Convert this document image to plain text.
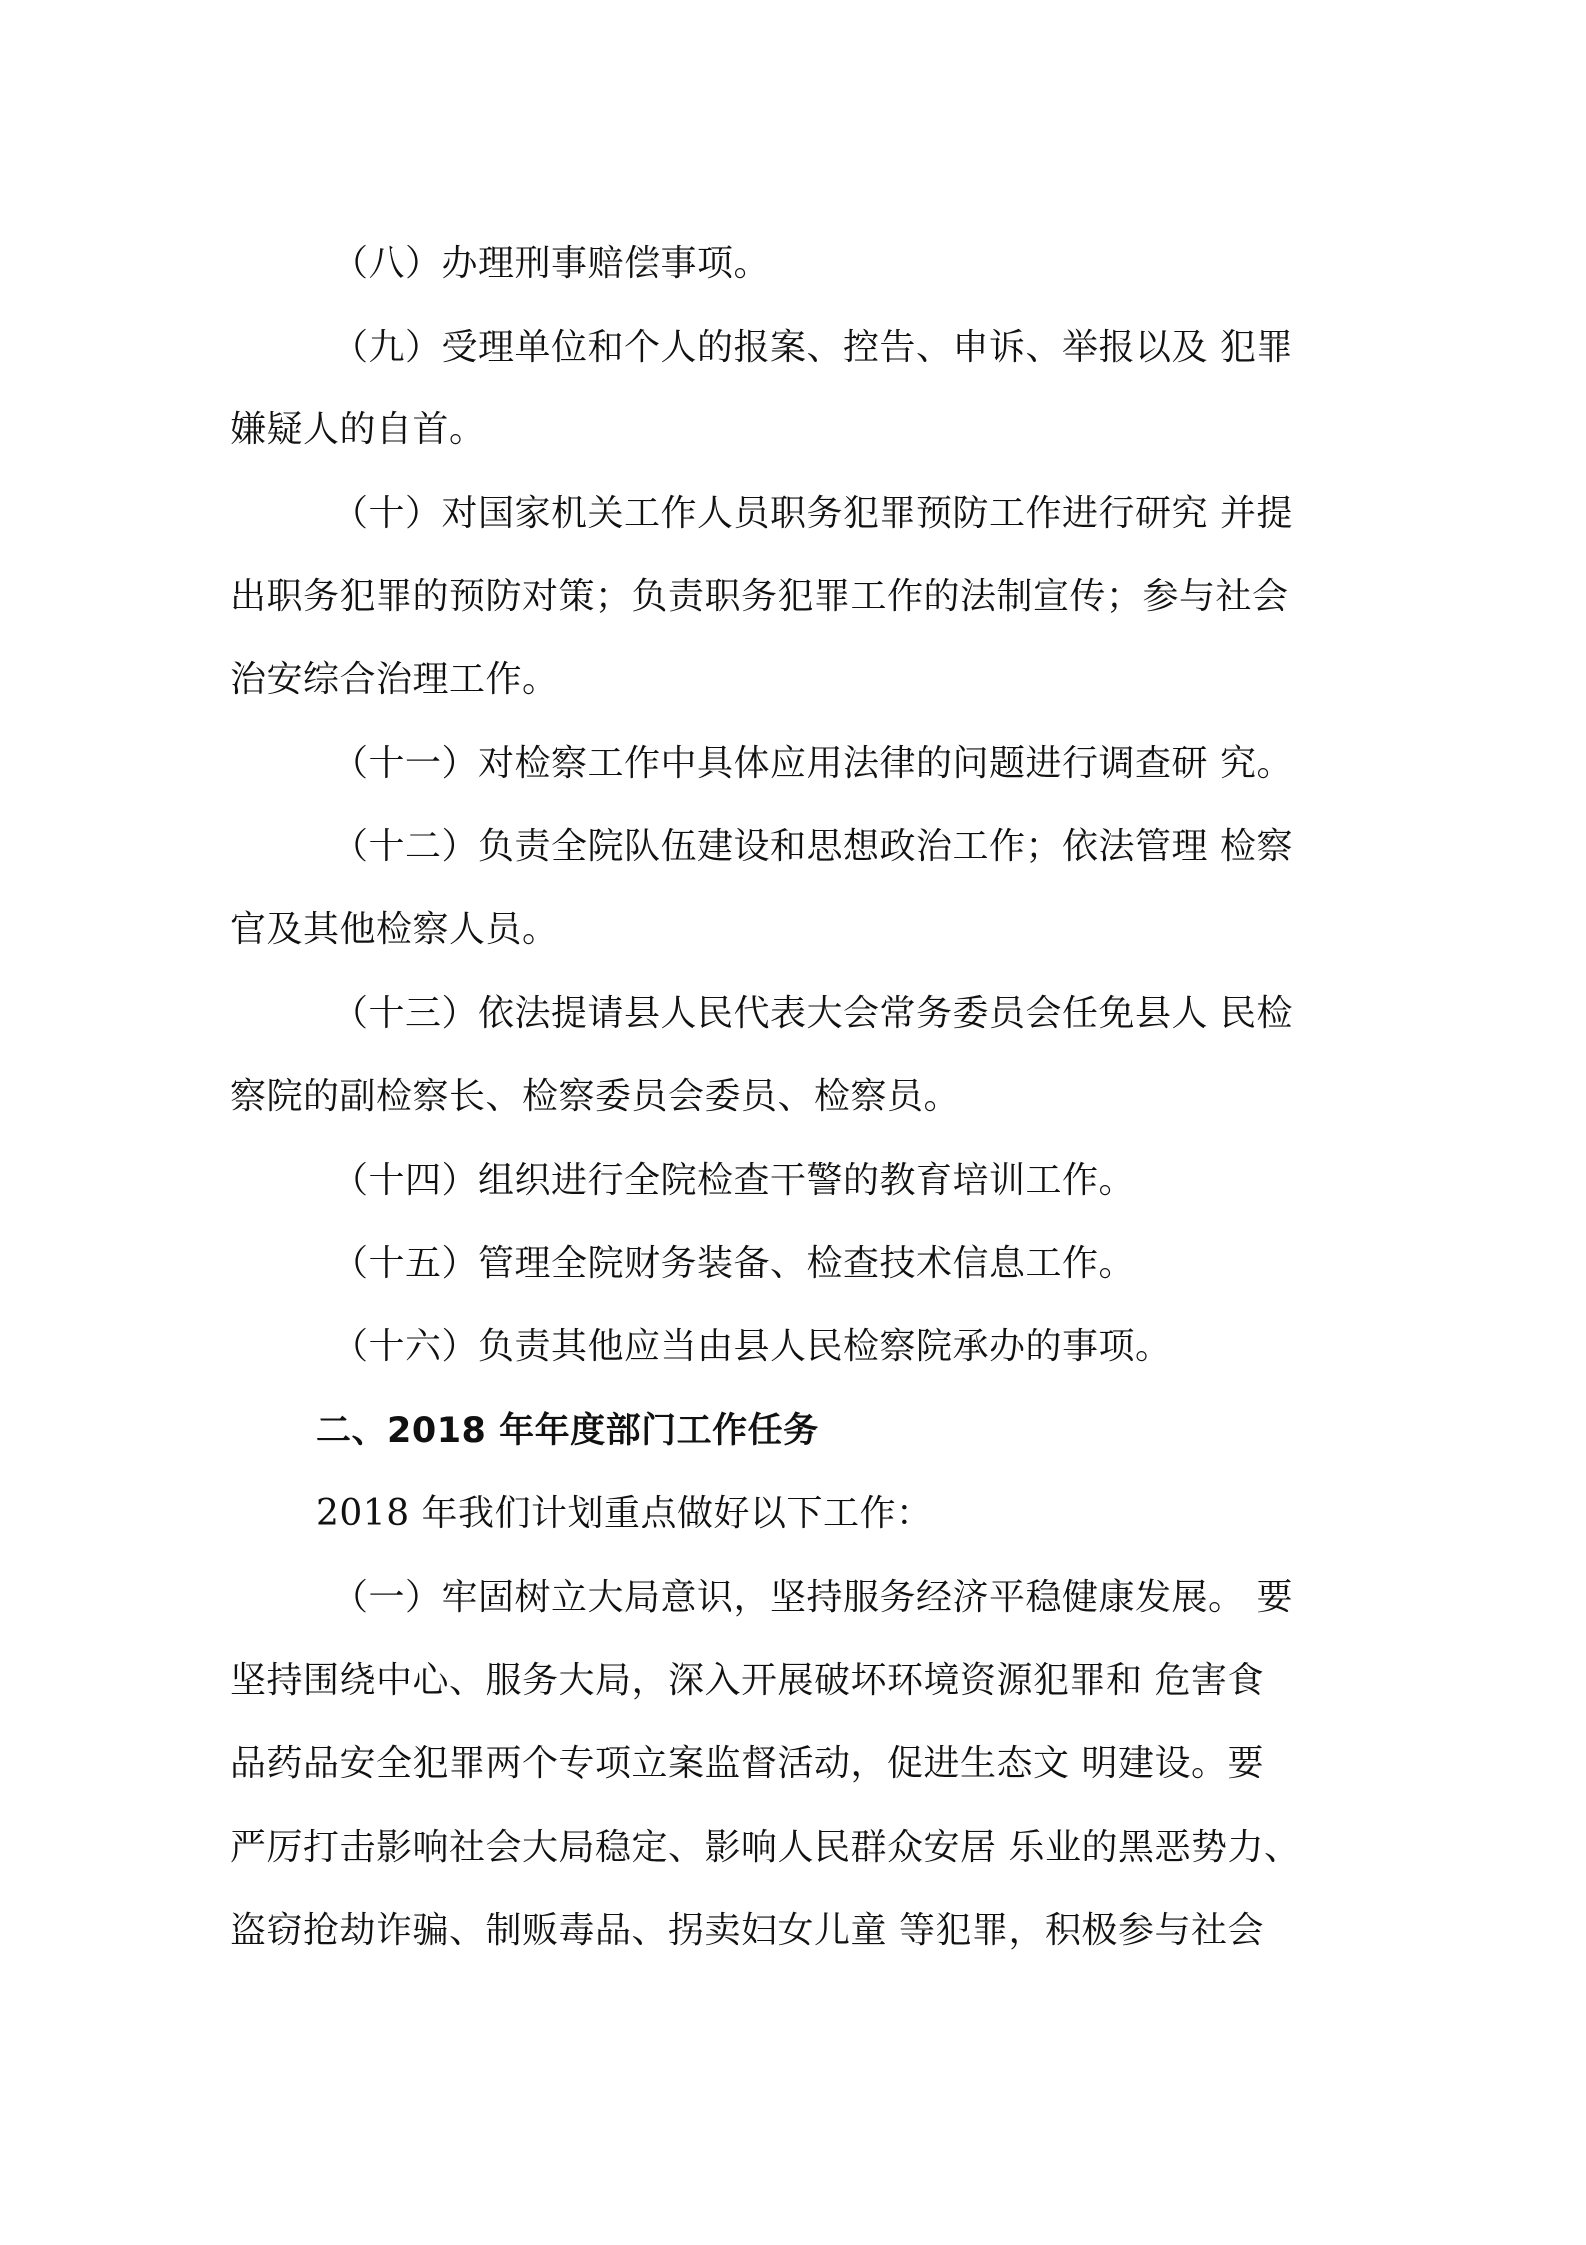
（八）办理刑事赔偿事项。
（九）受理单位和个人的报案、控告、申诉、举报以及 犯罪
嫌疑人的自首。
（十）对国家机关工作人员职务犯罪预防工作进行研究 并提
出职务犯罪的预防对策；负责职务犯罪工作的法制宣传；参与社会
治安综合治理工作。
（十一）对检察工作中具体应用法律的问题进行调查研 究。
（十二）负责全院队伍建设和思想政治工作；依法管理 检察
官及其他检察人员。
（十三）依法提请县人民代表大会常务委员会任免县人 民检
察院的副检察长、检察委员会委员、检察员。
（十四）组织进行全院检查干警的教育培训工作。
（十五）管理全院财务装备、检查技术信息工作。
（十六）负责其他应当由县人民检察院承办的事项。
二、2018 年年度部门工作任务
2018 年我们计划重点做好以下工作：
（一）牢固树立大局意识，坚持服务经济平稳健康发展。 要
坚持围绕中心、服务大局，深入开展破坏环境资源犯罪和 危害食
品药品安全犯罪两个专项立案监督活动，促进生态文 明建设。要
严厉打击影响社会大局稳定、影响人民群众安居 乐业的黑恶势力、
盗窃抢劫诈骗、制贩毒品、拐卖妇女儿童 等犯罪，积极参与社会
